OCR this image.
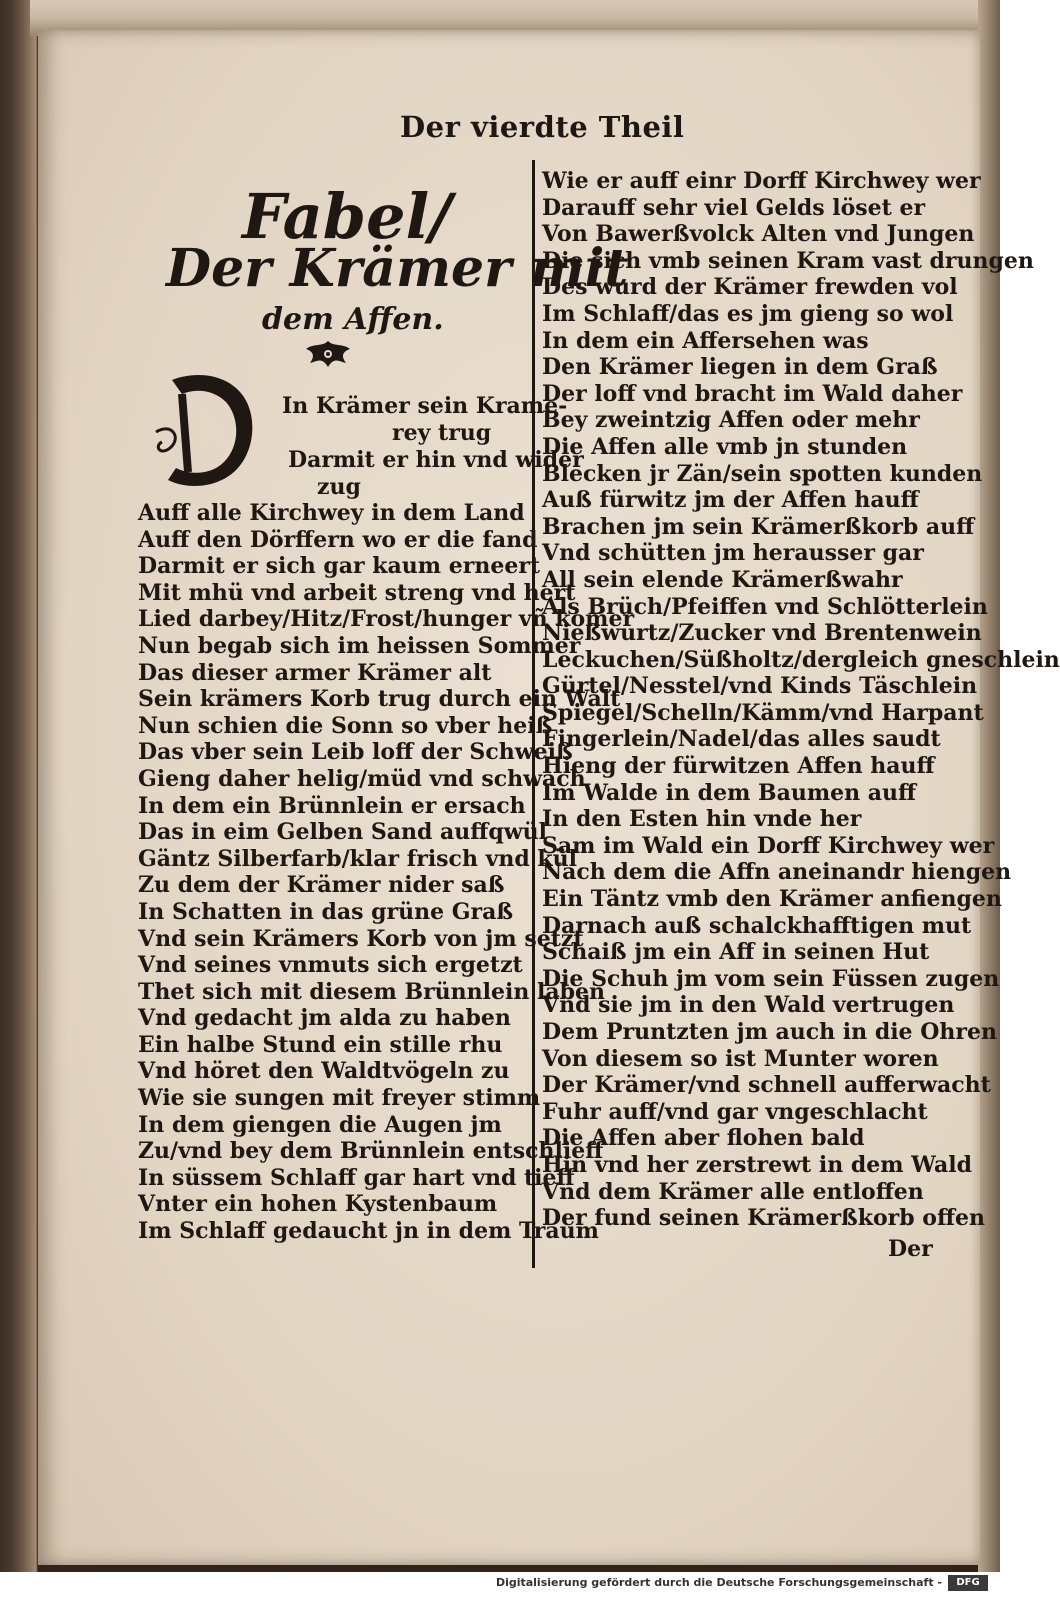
Der vierdte Theil
Fabel/
Der Krämer mit
dem Affen.
In Krämer sein Krame-
rey trug
Darmit er hin vnd wider
zug
Auff alle Kirchwey in dem Land
Auff den Dörffern wo er die fand
Darmit er sich gar kaum erneert
Mit mhü vnd arbeit streng vnd hert
Lied darbey/Hitz/Frost/hunger vñ komer
Nun begab sich im heissen Sommer
Das dieser armer Krämer alt
Sein krämers Korb trug durch ein Walt
Nun schien die Sonn so vber heiß
Das vber sein Leib loff der Schweiß
Gieng daher helig/müd vnd schwach
In dem ein Brünnlein er ersach
Das in eim Gelben Sand auffqwül
Gäntz Silberfarb/klar frisch vnd kül
Zu dem der Krämer nider saß
In Schatten in das grüne Graß
Vnd sein Krämers Korb von jm setzt
Vnd seines vnmuts sich ergetzt
Thet sich mit diesem Brünnlein laben
Vnd gedacht jm alda zu haben
Ein halbe Stund ein stille rhu
Vnd höret den Waldtvögeln zu
Wie sie sungen mit freyer stimm
In dem giengen die Augen jm
Zu/vnd bey dem Brünnlein entschlieff
In süssem Schlaff gar hart vnd tieff
Vnter ein hohen Kystenbaum
Im Schlaff gedaucht jn in dem Traum
Wie er auff einr Dorff Kirchwey wer
Darauff sehr viel Gelds löset er
Von Bawerßvolck Alten vnd Jungen
Die sich vmb seinen Kram vast drungen
Des wurd der Krämer frewden vol
Im Schlaff/das es jm gieng so wol
In dem ein Affersehen was
Den Krämer liegen in dem Graß
Der loff vnd bracht im Wald daher
Bey zweintzig Affen oder mehr
Die Affen alle vmb jn stunden
Blecken jr Zän/sein spotten kunden
Auß fürwitz jm der Affen hauff
Brachen jm sein Krämerßkorb auff
Vnd schütten jm herausser gar
All sein elende Krämerßwahr
Als Brüch/Pfeiffen vnd Schlötterlein
Nießwurtz/Zucker vnd Brentenwein
Leckuchen/Süßholtz/dergleich gneschlein
Gürtel/Nesstel/vnd Kinds Täschlein
Spiegel/Schelln/Kämm/vnd Harpant
Fingerlein/Nadel/das alles saudt
Hieng der fürwitzen Affen hauff
Im Walde in dem Baumen auff
In den Esten hin vnde her
Sam im Wald ein Dorff Kirchwey wer
Nach dem die Affn aneinandr hiengen
Ein Täntz vmb den Krämer anfiengen
Darnach auß schalckhafftigen mut
Schaiß jm ein Aff in seinen Hut
Die Schuh jm vom sein Füssen zugen
Vnd sie jm in den Wald vertrugen
Dem Pruntzten jm auch in die Ohren
Von diesem so ist Munter woren
Der Krämer/vnd schnell aufferwacht
Fuhr auff/vnd gar vngeschlacht
Die Affen aber flohen bald
Hin vnd her zerstrewt in dem Wald
Vnd dem Krämer alle entloffen
Der fund seinen Krämerßkorb offen
Der
Digitalisierung gefördert durch die Deutsche Forschungsgemeinschaft -	DFG
